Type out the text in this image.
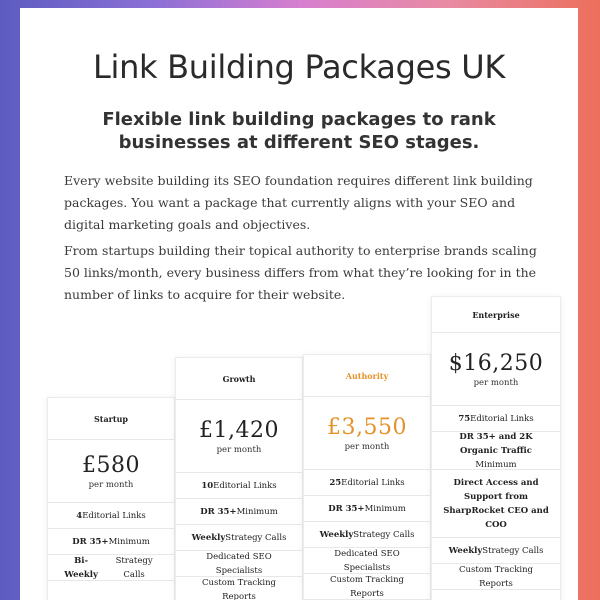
Link Building Packages UK
Flexible link building packages to rank businesses at different SEO stages.

Every website building its SEO foundation requires different link building packages. You want a package that currently aligns with your SEO and digital marketing goals and objectives.

From startups building their topical authority to enterprise brands scaling 50 links/month, every business differs from what they’re looking for in the number of links to acquire for their website.

Startup
£580
per month
4 Editorial Links
DR 35+ Minimum
Bi-Weekly
Strategy Calls
Growth
£1,420
per month
10 Editorial Links
DR 35+ Minimum
Weekly Strategy Calls
Dedicated SEO Specialists
Custom Tracking Reports
Authority
£3,550
per month
25 Editorial Links
DR 35+ Minimum
Weekly Strategy Calls
Dedicated SEO Specialists
Custom Tracking Reports
Enterprise
$16,250
per month
75 Editorial Links
DR 35+ and 2K Organic Traffic Minimum
Direct Access and Support from SharpRocket CEO and COO
Weekly Strategy Calls
Custom Tracking Reports
